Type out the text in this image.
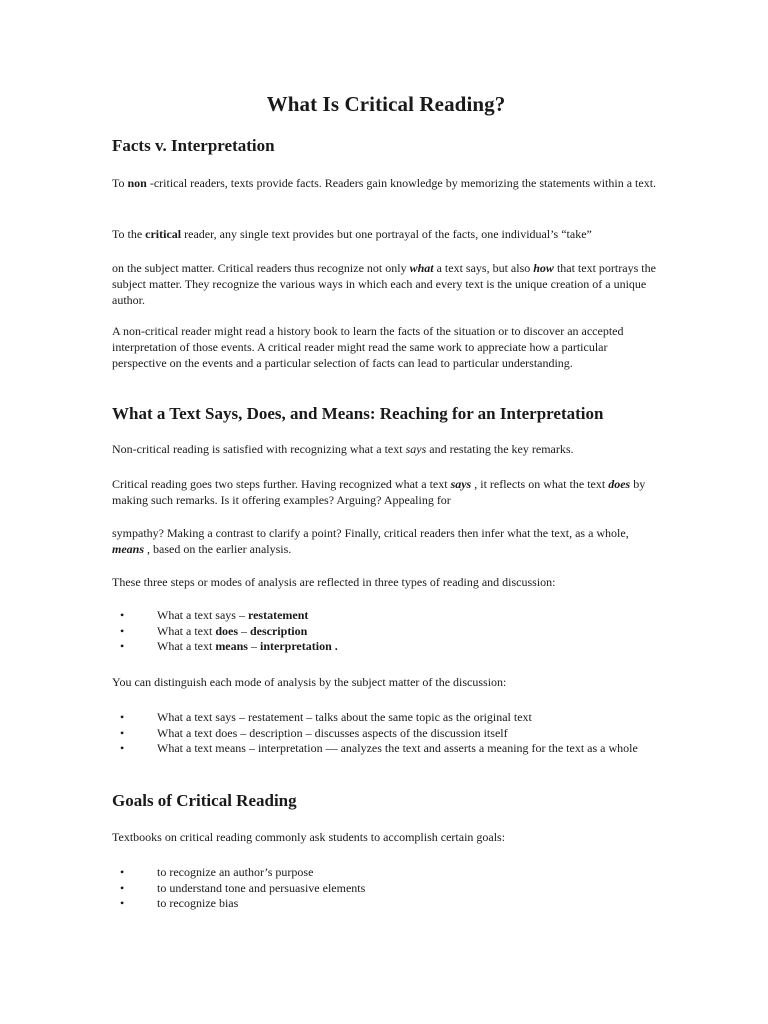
What Is Critical Reading?
Facts v. Interpretation

To non -critical readers, texts provide facts. Readers gain knowledge by memorizing the statements within a text.

To the critical reader, any single text provides but one portrayal of the facts, one individual’s “take”

on the subject matter. Critical readers thus recognize not only what a text says, but also how that text portrays the subject matter. They recognize the various ways in which each and every text is the unique creation of a unique author.

A non-critical reader might read a history book to learn the facts of the situation or to discover an accepted interpretation of those events. A critical reader might read the same work to appreciate how a particular perspective on the events and a particular selection of facts can lead to particular understanding.

What a Text Says, Does, and Means: Reaching for an Interpretation

Non-critical reading is satisfied with recognizing what a text says and restating the key remarks.

Critical reading goes two steps further. Having recognized what a text says , it reflects on what the text does by making such remarks. Is it offering examples? Arguing? Appealing for

sympathy? Making a contrast to clarify a point? Finally, critical readers then infer what the text, as a whole, means , based on the earlier analysis.

These three steps or modes of analysis are reflected in three types of reading and discussion:

•	What a text says – restatement
•	What a text does – description
•	What a text means – interpretation .

You can distinguish each mode of analysis by the subject matter of the discussion:

•	What a text says – restatement – talks about the same topic as the original text
•	What a text does – description – discusses aspects of the discussion itself
•	What a text means – interpretation — analyzes the text and asserts a meaning for the text as a whole
Goals of Critical Reading

Textbooks on critical reading commonly ask students to accomplish certain goals:

•	to recognize an author’s purpose
•	to understand tone and persuasive elements
•	to recognize bias
